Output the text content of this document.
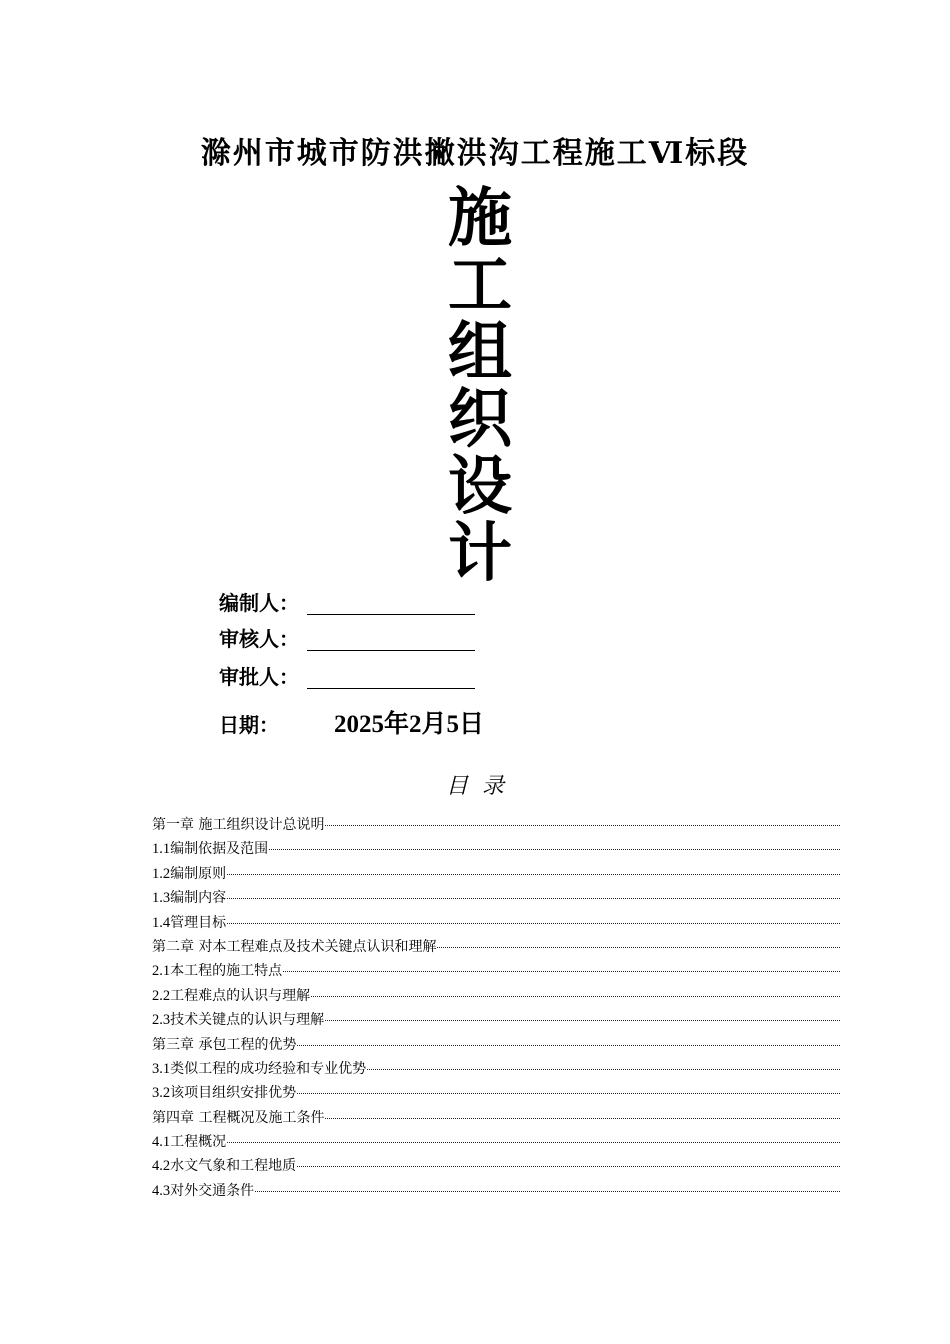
滁州市城市防洪撇洪沟工程施工Ⅵ标段
施
工
组
织
设
计
编制人：
审核人：
审批人：
日期： 2025年2月5日
目  录
第一章 施工组织设计总说明
1.1 编制依据及范围
1.2 编制原则
1.3 编制内容
1.4 管理目标
第二章 对本工程难点及技术关键点认识和理解
2.1 本工程的施工特点
2.2 工程难点的认识与理解
2.3 技术关键点的认识与理解
第三章 承包工程的优势
3.1 类似工程的成功经验和专业优势
3.2 该项目组织安排优势
第四章 工程概况及施工条件
4.1 工程概况
4.2 水文气象和工程地质
4.3 对外交通条件
